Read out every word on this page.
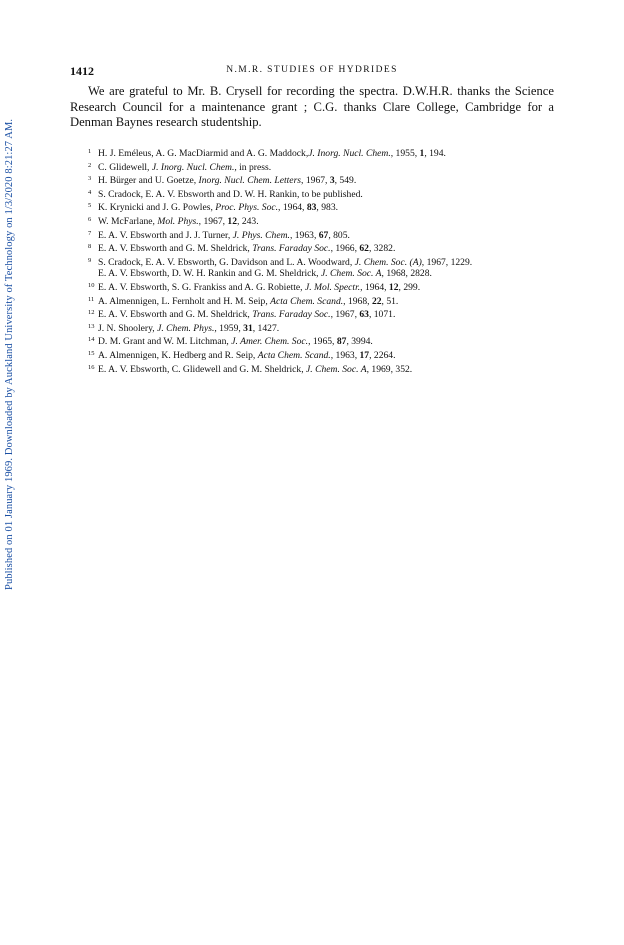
Published on 01 January 1969. Downloaded by Auckland University of Technology on 1/3/2020 8:21:27 AM.
1412	N.M.R. STUDIES OF HYDRIDES

We are grateful to Mr. B. Crysell for recording the spectra. D.W.H.R. thanks the Science Research Council for a maintenance grant ; C.G. thanks Clare College, Cambridge for a Denman Baynes research studentship.

1 H. J. Eméleus, A. G. MacDiarmid and A. G. Maddock,J. Inorg. Nucl. Chem., 1955, 1, 194.
2 C. Glidewell, J. Inorg. Nucl. Chem., in press.
3 H. Bürger and U. Goetze, Inorg. Nucl. Chem. Letters, 1967, 3, 549.
4 S. Cradock, E. A. V. Ebsworth and D. W. H. Rankin, to be published.
5 K. Krynicki and J. G. Powles, Proc. Phys. Soc., 1964, 83, 983.
6 W. McFarlane, Mol. Phys., 1967, 12, 243.
7 E. A. V. Ebsworth and J. J. Turner, J. Phys. Chem., 1963, 67, 805.
8 E. A. V. Ebsworth and G. M. Sheldrick, Trans. Faraday Soc., 1966, 62, 3282.
9 S. Cradock, E. A. V. Ebsworth, G. Davidson and L. A. Woodward, J. Chem. Soc. (A), 1967, 1229.
E. A. V. Ebsworth, D. W. H. Rankin and G. M. Sheldrick, J. Chem. Soc. A, 1968, 2828.
10 E. A. V. Ebsworth, S. G. Frankiss and A. G. Robiette, J. Mol. Spectr., 1964, 12, 299.
11 A. Almennigen, L. Fernholt and H. M. Seip, Acta Chem. Scand., 1968, 22, 51.
12 E. A. V. Ebsworth and G. M. Sheldrick, Trans. Faraday Soc., 1967, 63, 1071.
13 J. N. Shoolery, J. Chem. Phys., 1959, 31, 1427.
14 D. M. Grant and W. M. Litchman, J. Amer. Chem. Soc., 1965, 87, 3994.
15 A. Almennigen, K. Hedberg and R. Seip, Acta Chem. Scand., 1963, 17, 2264.
16 E. A. V. Ebsworth, C. Glidewell and G. M. Sheldrick, J. Chem. Soc. A, 1969, 352.
